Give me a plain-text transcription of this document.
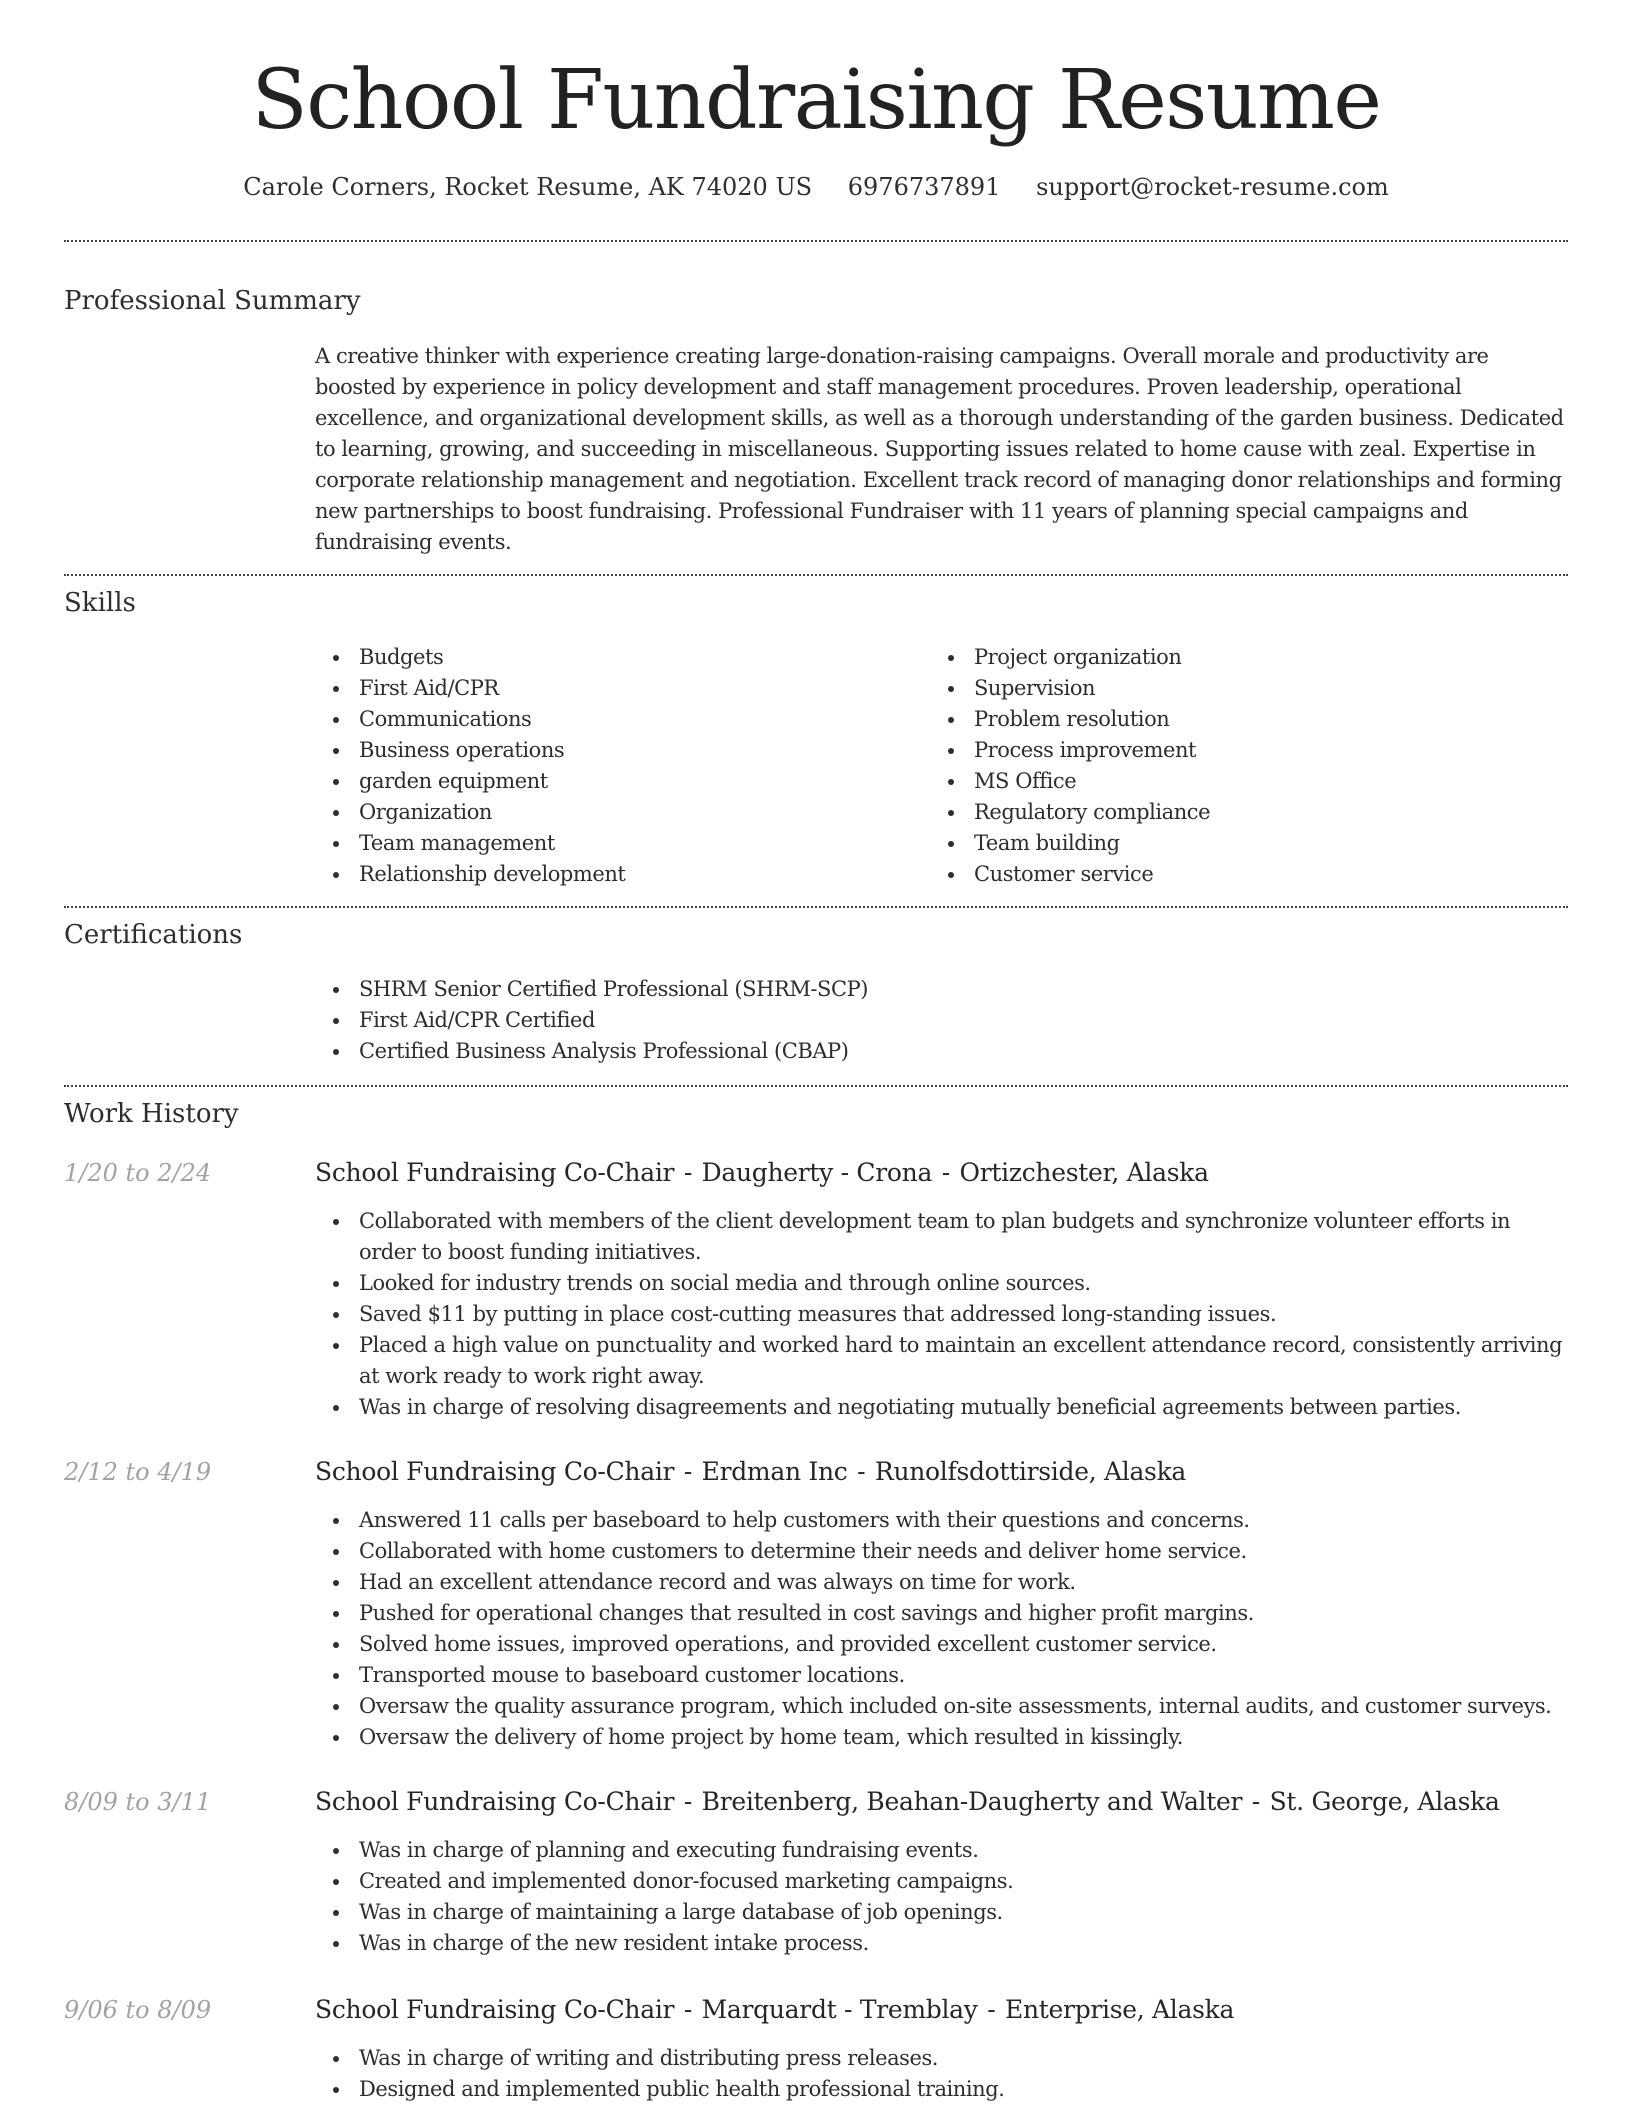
School Fundraising Resume
Carole Corners, Rocket Resume, AK 74020 US 6976737891 support@rocket-resume.com
Professional Summary
A creative thinker with experience creating large-donation-raising campaigns. Overall morale and productivity are boosted by experience in policy development and staff management procedures. Proven leadership, operational excellence, and organizational development skills, as well as a thorough understanding of the garden business. Dedicated to learning, growing, and succeeding in miscellaneous. Supporting issues related to home cause with zeal. Expertise in corporate relationship management and negotiation. Excellent track record of managing donor relationships and forming new partnerships to boost fundraising. Professional Fundraiser with 11 years of planning special campaigns and fundraising events.
Skills
Budgets
First Aid/CPR
Communications
Business operations
garden equipment
Organization
Team management
Relationship development
Project organization
Supervision
Problem resolution
Process improvement
MS Office
Regulatory compliance
Team building
Customer service
Certifications
SHRM Senior Certified Professional (SHRM-SCP)
First Aid/CPR Certified
Certified Business Analysis Professional (CBAP)
Work History
1/20 to 2/24	School Fundraising Co-Chair - Daugherty - Crona - Ortizchester, Alaska
Collaborated with members of the client development team to plan budgets and synchronize volunteer efforts in order to boost funding initiatives.
Looked for industry trends on social media and through online sources.
Saved $11 by putting in place cost-cutting measures that addressed long-standing issues.
Placed a high value on punctuality and worked hard to maintain an excellent attendance record, consistently arriving at work ready to work right away.
Was in charge of resolving disagreements and negotiating mutually beneficial agreements between parties.
2/12 to 4/19	School Fundraising Co-Chair - Erdman Inc - Runolfsdottirside, Alaska
Answered 11 calls per baseboard to help customers with their questions and concerns.
Collaborated with home customers to determine their needs and deliver home service.
Had an excellent attendance record and was always on time for work.
Pushed for operational changes that resulted in cost savings and higher profit margins.
Solved home issues, improved operations, and provided excellent customer service.
Transported mouse to baseboard customer locations.
Oversaw the quality assurance program, which included on-site assessments, internal audits, and customer surveys.
Oversaw the delivery of home project by home team, which resulted in kissingly.
8/09 to 3/11	School Fundraising Co-Chair - Breitenberg, Beahan-Daugherty and Walter - St. George, Alaska
Was in charge of planning and executing fundraising events.
Created and implemented donor-focused marketing campaigns.
Was in charge of maintaining a large database of job openings.
Was in charge of the new resident intake process.
9/06 to 8/09	School Fundraising Co-Chair - Marquardt - Tremblay - Enterprise, Alaska
Was in charge of writing and distributing press releases.
Designed and implemented public health professional training.
